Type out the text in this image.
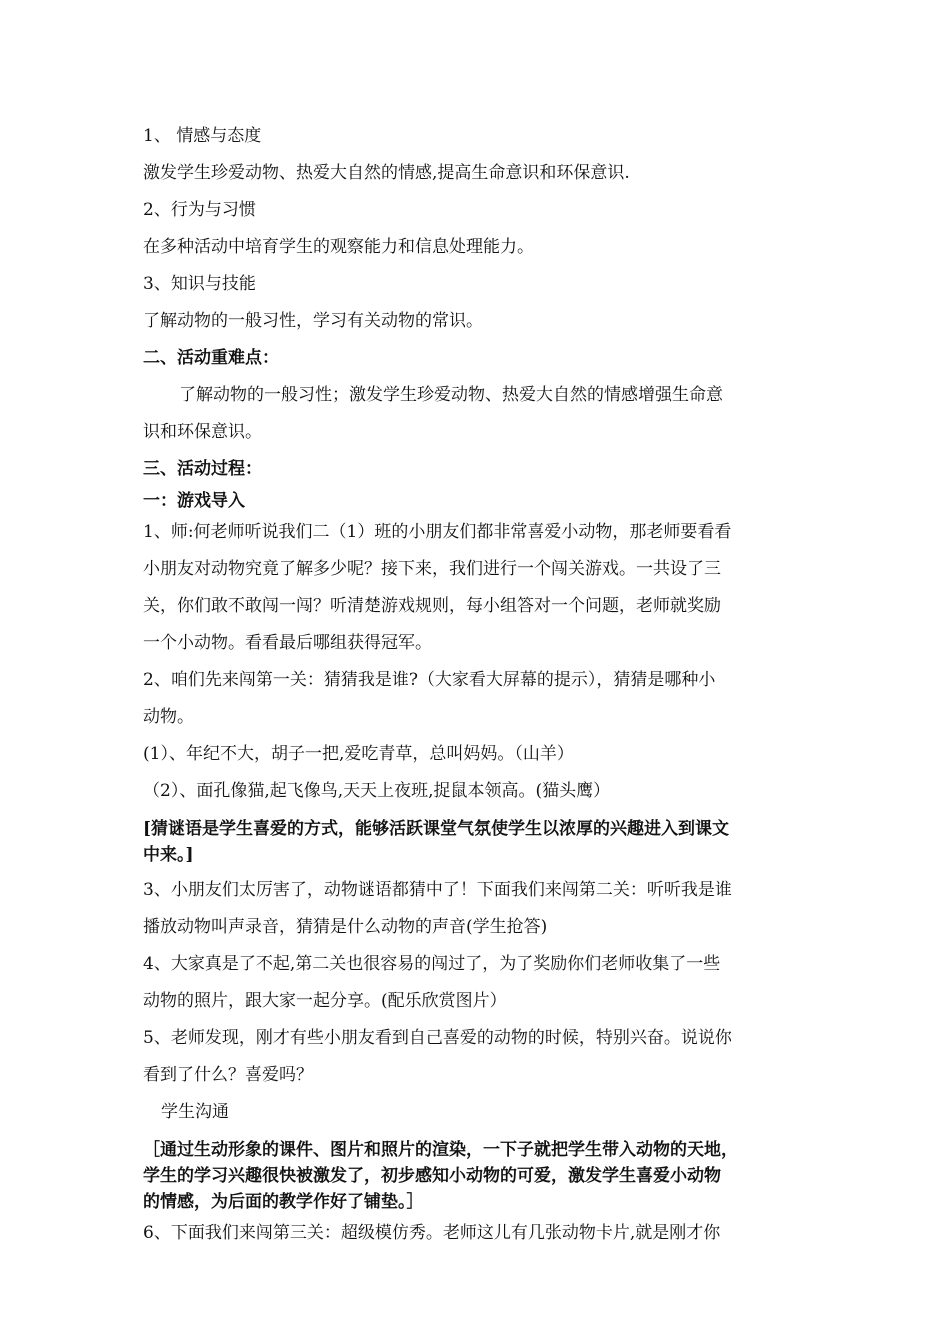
1、 情感与态度
激发学生珍爱动物、热爱大自然的情感,提高生命意识和环保意识.
2、行为与习惯
在多种活动中培育学生的观察能力和信息处理能力。
3、知识与技能
了解动物的一般习性，学习有关动物的常识。
二、活动重难点：
了解动物的一般习性；激发学生珍爱动物、热爱大自然的情感增强生命意
识和环保意识。
三、活动过程：
一：游戏导入
1、师:何老师听说我们二（1）班的小朋友们都非常喜爱小动物，那老师要看看
小朋友对动物究竟了解多少呢？接下来，我们进行一个闯关游戏。一共设了三
关，你们敢不敢闯一闯？听清楚游戏规则，每小组答对一个问题，老师就奖励
一个小动物。看看最后哪组获得冠军。
2、咱们先来闯第一关：猜猜我是谁?（大家看大屏幕的提示），猜猜是哪种小
动物。
(1）、年纪不大，胡子一把,爱吃青草，总叫妈妈。（山羊）
（2）、面孔像猫,起飞像鸟,天天上夜班,捉鼠本领高。(猫头鹰）
[猜谜语是学生喜爱的方式，能够活跃课堂气氛使学生以浓厚的兴趣进入到课文
中来。]
3、小朋友们太厉害了，动物谜语都猜中了！下面我们来闯第二关：听听我是谁
播放动物叫声录音，猜猜是什么动物的声音(学生抢答)
4、大家真是了不起,第二关也很容易的闯过了，为了奖励你们老师收集了一些
动物的照片，跟大家一起分享。(配乐欣赏图片）
5、老师发现，刚才有些小朋友看到自己喜爱的动物的时候，特别兴奋。说说你
看到了什么？喜爱吗？
学生沟通
［通过生动形象的课件、图片和照片的渲染，一下子就把学生带入动物的天地，
学生的学习兴趣很快被激发了，初步感知小动物的可爱，激发学生喜爱小动物
的情感，为后面的教学作好了铺垫。］
6、下面我们来闯第三关：超级模仿秀。老师这儿有几张动物卡片,就是刚才你
